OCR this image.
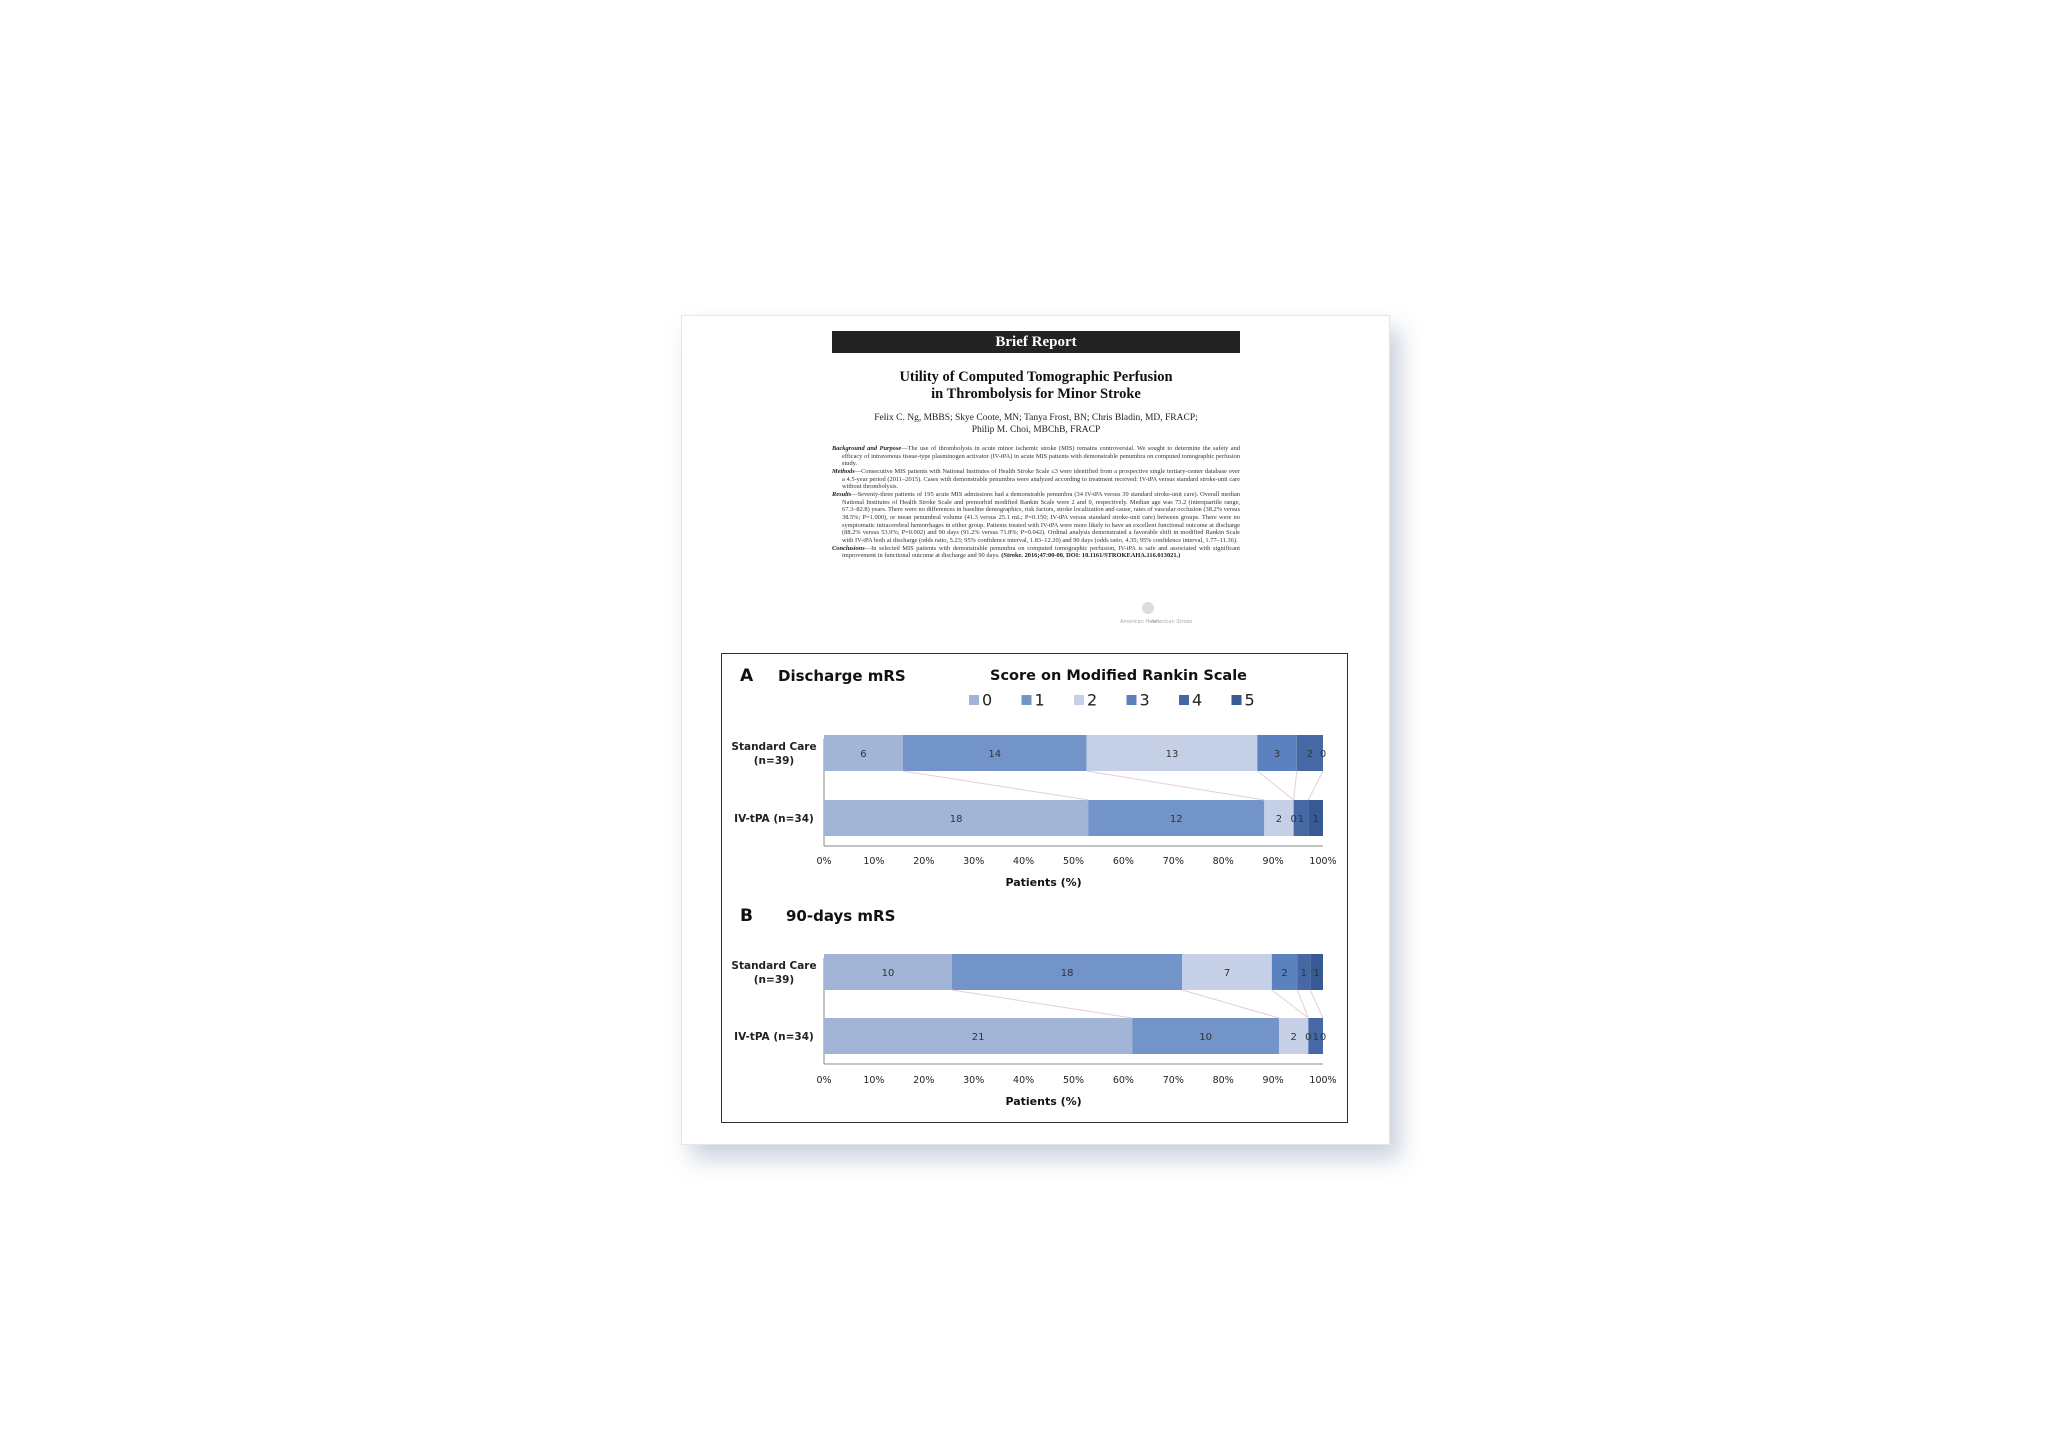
Brief Report
Utility of Computed Tomographic Perfusion
in Thrombolysis for Minor Stroke
Felix C. Ng, MBBS; Skye Coote, MN; Tanya Frost, BN; Chris Bladin, MD, FRACP;
Philip M. Choi, MBChB, FRACP

Background and Purpose—The use of thrombolysis in acute minor ischemic stroke (MIS) remains controversial. We sought to determine the safety and efficacy of intravenous tissue-type plasminogen activator (IV-tPA) in acute MIS patients with demonstrable penumbra on computed tomographic perfusion study.

Methods—Consecutive MIS patients with National Institutes of Health Stroke Scale ≤3 were identified from a prospective single tertiary-center database over a 4.5-year period (2011–2015). Cases with demonstrable penumbra were analyzed according to treatment received: IV-tPA versus standard stroke-unit care without thrombolysis.

Results—Seventy-three patients of 195 acute MIS admissions had a demonstrable penumbra (34 IV-tPA versus 39 standard stroke-unit care). Overall median National Institutes of Health Stroke Scale and premorbid modified Rankin Scale were 2 and 0, respectively. Median age was 73.2 (interquartile range, 67.3–82.8) years. There were no differences in baseline demographics, risk factors, stroke localization and cause, rates of vascular occlusion (38.2% versus 38.5%; P=1.000), or mean penumbral volume (41.3 versus 25.1 mL; P=0.150; IV-tPA versus standard stroke-unit care) between groups. There were no symptomatic intracerebral hemorrhages in either group. Patients treated with IV-tPA were more likely to have an excellent functional outcome at discharge (88.2% versus 53.9%; P=0.002) and 90 days (91.2% versus 71.8%; P=0.042). Ordinal analysis demonstrated a favorable shift in modified Rankin Scale with IV-tPA both at discharge (odds ratio, 5.23; 95% confidence interval, 1.83–12.20) and 90 days (odds ratio, 4.35; 95% confidence interval, 1.77–11.36).

Conclusions—In selected MIS patients with demonstrable penumbra on computed tomographic perfusion, IV-tPA is safe and associated with significant improvement in functional outcome at discharge and 90 days. (Stroke. 2016;47:00-00. DOI: 10.1161/STROKEAHA.116.013021.)

American Heart
American Stroke
Score on Modified Rankin Scale
0	1	2	3	4	5
A Discharge mRS
6	14	13	3	2 0
Standard Care
(n=39)
18	12	2 0 1 1
IV-tPA (n=34)
0%	10%	20%	30%	40%	50%	60%	70%	80%	90%	100%
Patients (%)
B 90-days mRS
10	18	7	2 1 1
Standard Care
(n=39)
21	10	2 0 1 0
IV-tPA (n=34)
0%	10%	20%	30%	40%	50%	60%	70%	80%	90%	100%
Patients (%)
